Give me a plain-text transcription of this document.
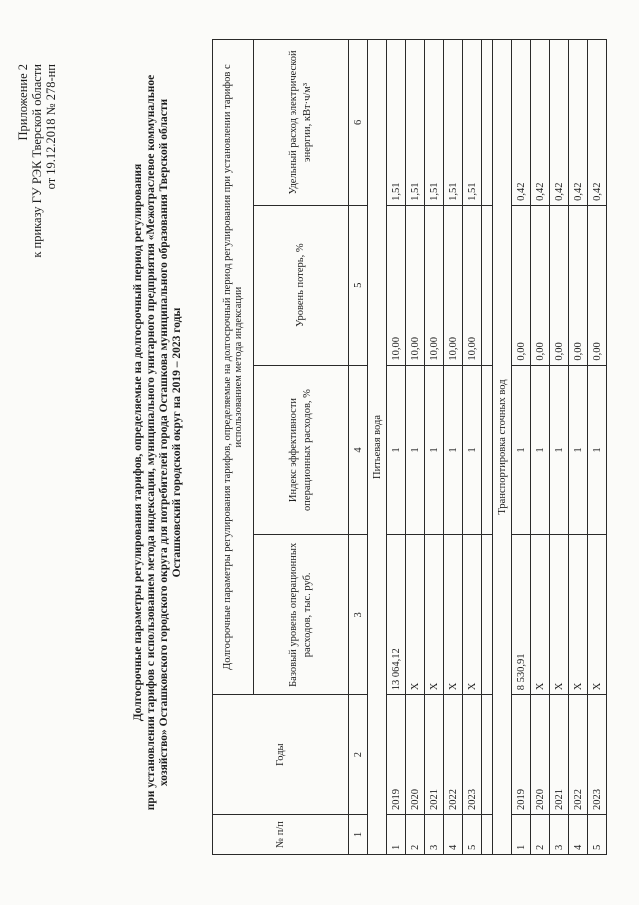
Приложение 2 к приказу ГУ РЭК Тверской области от 19.12.2018 № 278-нп
Долгосрочные параметры регулирования тарифов, определяемые на долгосрочный период регулирования при установлении тарифов с использованием метода индексации, муниципального унитарного предприятия «Межотраслевое коммунальное хозяйство» Осташковского городского округа для потребителей города Осташкова муниципального образования Тверской области Осташковский городской округ на 2019 – 2023 годы
№ п/п	Годы	Долгосрочные параметры регулирования тарифов, определяемые на долгосрочный период регулирования при установлении тарифов с использованием метода индексации			
		Базовый уровень операционных расходов, тыс. руб.	Индекс эффективности операционных расходов, %	Уровень потерь, %	Удельный расход электрической энергии, кВт·ч/м³
1	2	3	4	5	6
Питьевая вода					
1	2019	13 064,12	1	10,00	1,51
2	2020	Х	1	10,00	1,51
3	2021	Х	1	10,00	1,51
4	2022	Х	1	10,00	1,51
5	2023	Х	1	10,00	1,51

Транспортировка сточных вод					
1	2019	8 530,91	1	0,00	0,42
2	2020	Х	1	0,00	0,42
3	2021	Х	1	0,00	0,42
4	2022	Х	1	0,00	0,42
5	2023	Х	1	0,00	0,42
